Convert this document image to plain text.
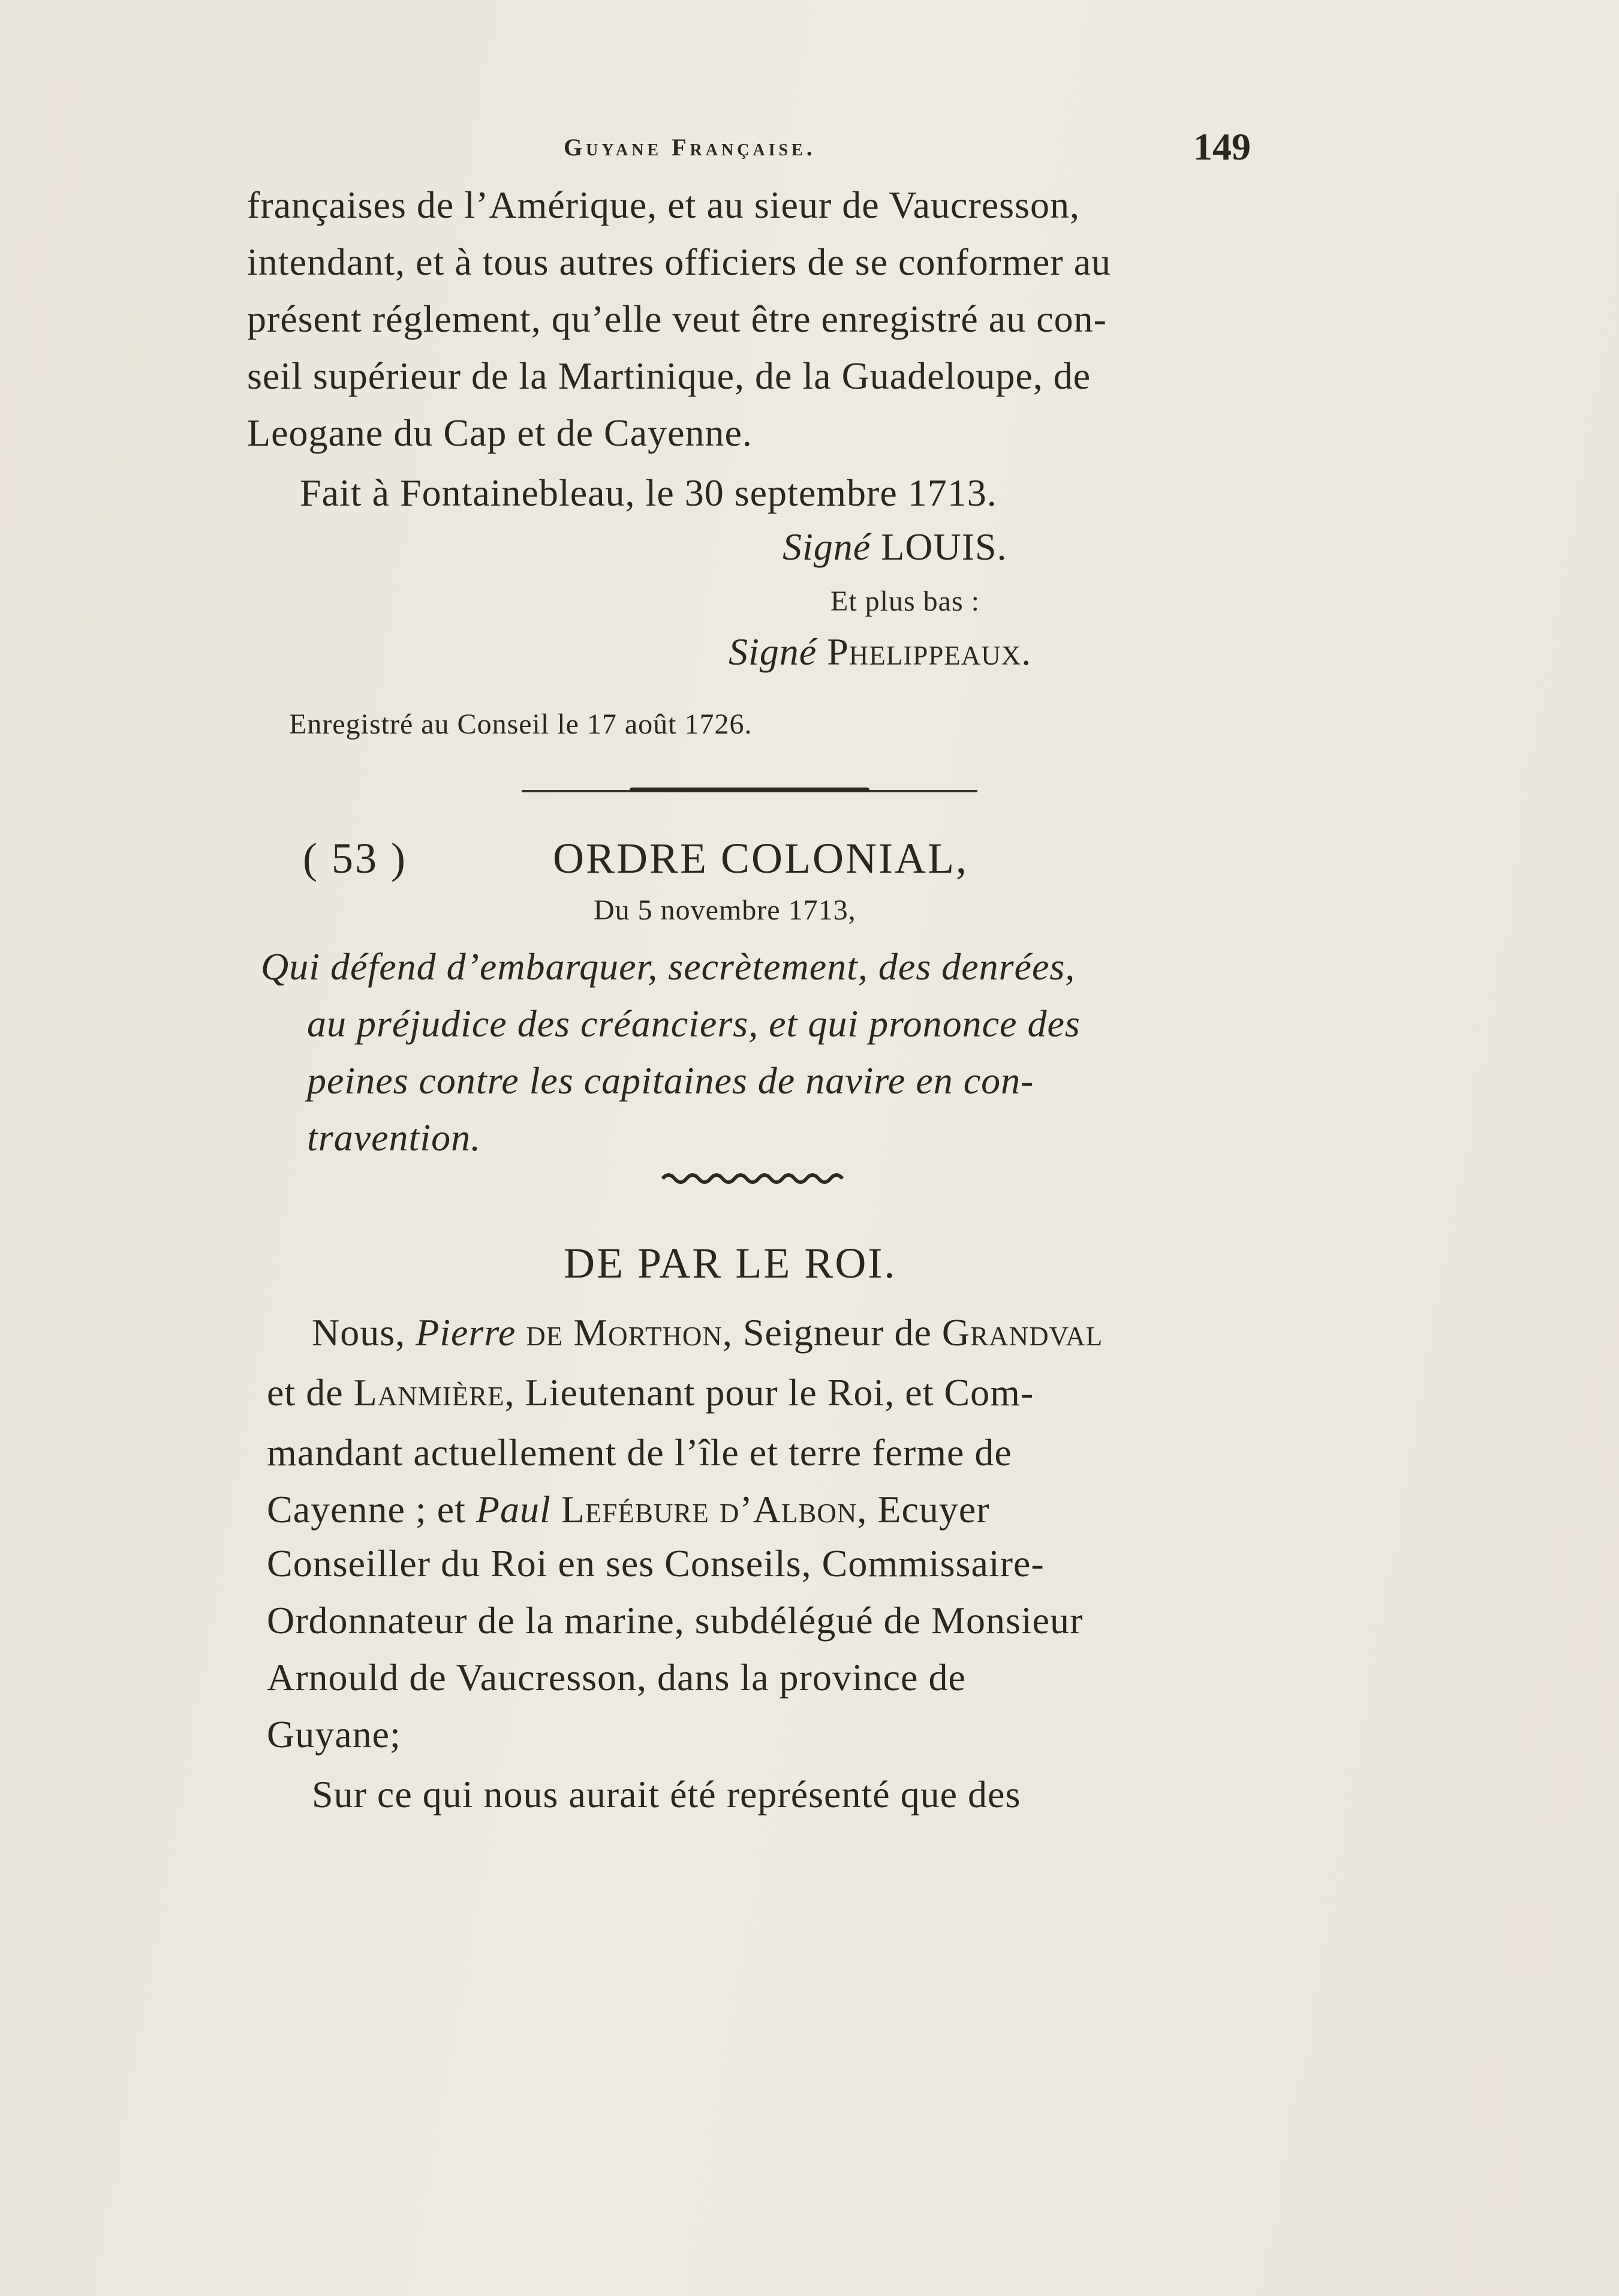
Guyane Française.	149
françaises de l’Amérique, et au sieur de Vaucresson,
intendant, et à tous autres officiers de se conformer au
présent réglement, qu’elle veut être enregistré au con-
seil supérieur de la Martinique, de la Guadeloupe, de
Leogane du Cap et de Cayenne.
Fait à Fontainebleau, le 30 septembre 1713.
Signé LOUIS.
Et plus bas :
Signé Phelippeaux.
Enregistré au Conseil le 17 août 1726.
( 53 )	ORDRE COLONIAL,
Du 5 novembre 1713,
Qui défend d’embarquer, secrètement, des denrées,
au préjudice des créanciers, et qui prononce des
peines contre les capitaines de navire en con-
travention.
DE PAR LE ROI.
Nous, Pierre de Morthon, Seigneur de Grandval
et de Lanmière, Lieutenant pour le Roi, et Com-
mandant actuellement de l’île et terre ferme de
Cayenne ; et Paul Lefébure d’Albon, Ecuyer
Conseiller du Roi en ses Conseils, Commissaire-
Ordonnateur de la marine, subdélégué de Monsieur
Arnould de Vaucresson, dans la province de
Guyane;
Sur ce qui nous aurait été représenté que des
